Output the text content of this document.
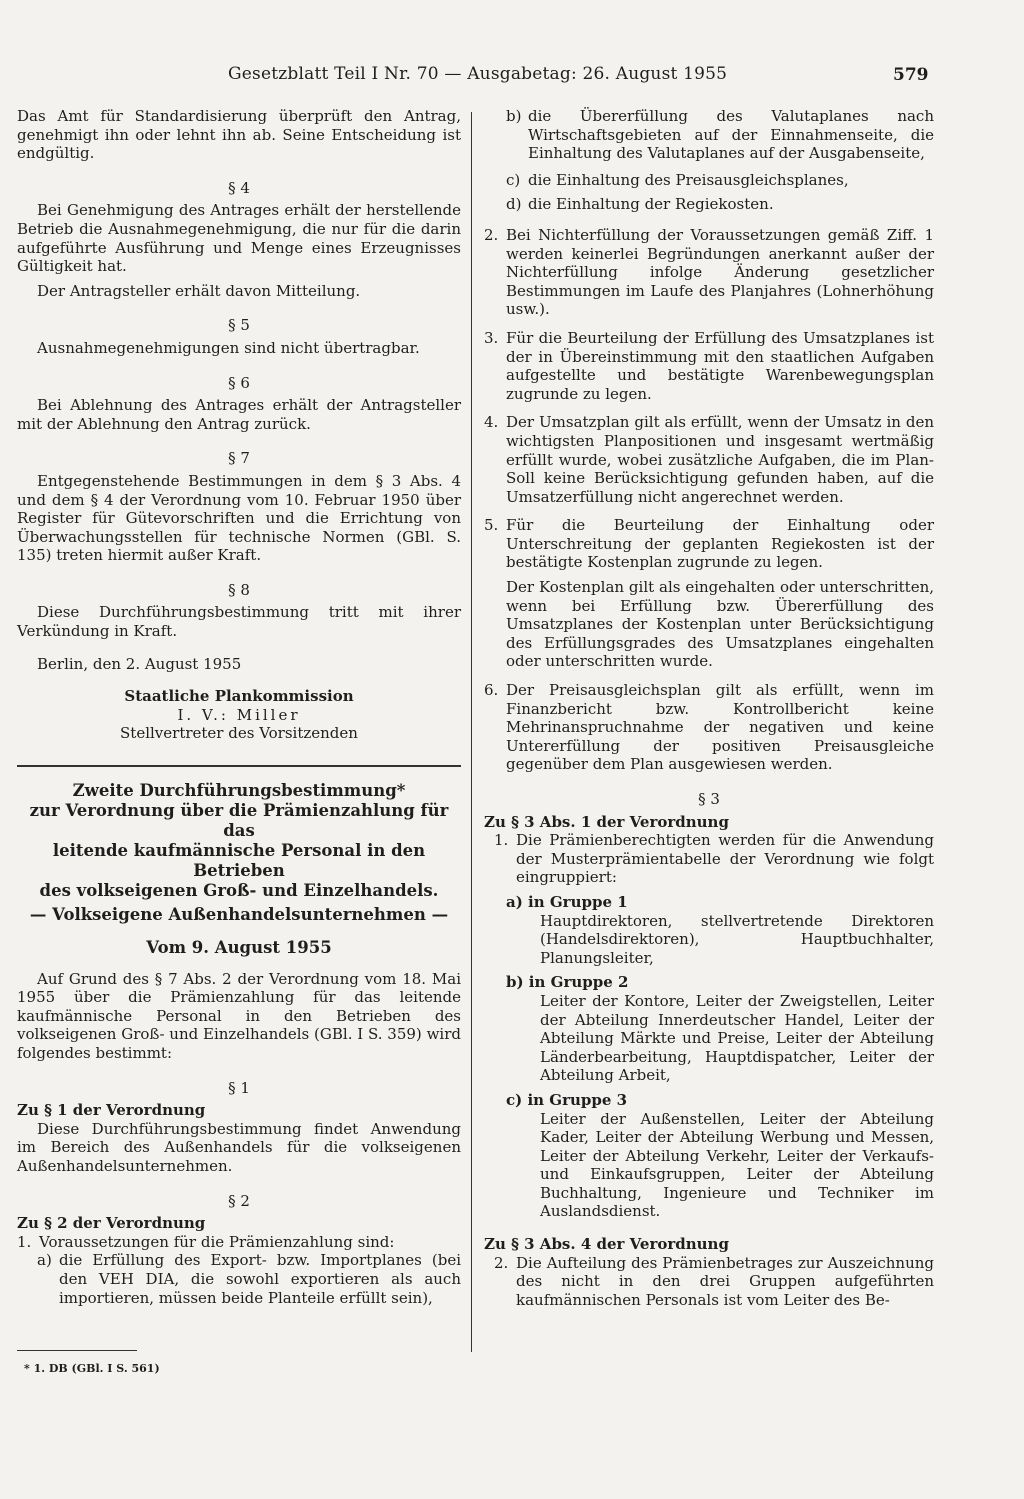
Gesetzblatt Teil I Nr. 70 — Ausgabetag: 26. August 1955	579

Das Amt für Standardisierung überprüft den Antrag, genehmigt ihn oder lehnt ihn ab. Seine Entscheidung ist endgültig.

§ 4

Bei Genehmigung des Antrages erhält der herstellende Betrieb die Ausnahmegenehmigung, die nur für die darin aufgeführte Ausführung und Menge eines Erzeugnisses Gültigkeit hat.

Der Antragsteller erhält davon Mitteilung.

§ 5

Ausnahmegenehmigungen sind nicht übertragbar.

§ 6

Bei Ablehnung des Antrages erhält der Antragsteller mit der Ablehnung den Antrag zurück.

§ 7

Entgegenstehende Bestimmungen in dem § 3 Abs. 4 und dem § 4 der Verordnung vom 10. Februar 1950 über Register für Gütevorschriften und die Errichtung von Überwachungsstellen für technische Normen (GBl. S. 135) treten hiermit außer Kraft.

§ 8

Diese Durchführungsbestimmung tritt mit ihrer Verkündung in Kraft.

Berlin, den 2. August 1955

Staatliche Plankommission
I. V.: Miller
Stellvertreter des Vorsitzenden
Zweite Durchführungsbestimmung*
zur Verordnung über die Prämienzahlung für das
leitende kaufmännische Personal in den Betrieben
des volkseigenen Groß- und Einzelhandels.
— Volkseigene Außenhandelsunternehmen —
Vom 9. August 1955

Auf Grund des § 7 Abs. 2 der Verordnung vom 18. Mai 1955 über die Prämienzahlung für das leitende kaufmännische Personal in den Betrieben des volkseigenen Groß- und Einzelhandels (GBl. I S. 359) wird folgendes bestimmt:

§ 1
Zu § 1 der Verordnung

Diese Durchführungsbestimmung findet Anwendung im Bereich des Außenhandels für die volkseigenen Außenhandelsunternehmen.

§ 2
Zu § 2 der Verordnung
1. Voraussetzungen für die Prämienzahlung sind:
a) die Erfüllung des Export- bzw. Importplanes (bei den VEH DIA, die sowohl exportieren als auch importieren, müssen beide Planteile erfüllt sein),
b) die Übererfüllung des Valutaplanes nach Wirtschaftsgebieten auf der Einnahmenseite, die Einhaltung des Valutaplanes auf der Ausgabenseite,
c) die Einhaltung des Preisausgleichsplanes,
d) die Einhaltung der Regiekosten.
2. Bei Nichterfüllung der Voraussetzungen gemäß Ziff. 1 werden keinerlei Begründungen anerkannt außer der Nichterfüllung infolge Änderung gesetzlicher Bestimmungen im Laufe des Planjahres (Lohnerhöhung usw.).
3. Für die Beurteilung der Erfüllung des Umsatzplanes ist der in Übereinstimmung mit den staatlichen Aufgaben aufgestellte und bestätigte Warenbewegungsplan zugrunde zu legen.
4. Der Umsatzplan gilt als erfüllt, wenn der Umsatz in den wichtigsten Planpositionen und insgesamt wertmäßig erfüllt wurde, wobei zusätzliche Aufgaben, die im Plan-Soll keine Berücksichtigung gefunden haben, auf die Umsatzerfüllung nicht angerechnet werden.
5. Für die Beurteilung der Einhaltung oder Unterschreitung der geplanten Regiekosten ist der bestätigte Kostenplan zugrunde zu legen.
Der Kostenplan gilt als eingehalten oder unterschritten, wenn bei Erfüllung bzw. Übererfüllung des Umsatzplanes der Kostenplan unter Berücksichtigung des Erfüllungsgrades des Umsatzplanes eingehalten oder unterschritten wurde.
6. Der Preisausgleichsplan gilt als erfüllt, wenn im Finanzbericht bzw. Kontrollbericht keine Mehrinanspruchnahme der negativen und keine Untererfüllung der positiven Preisausgleiche gegenüber dem Plan ausgewiesen werden.
§ 3
Zu § 3 Abs. 1 der Verordnung
1. Die Prämienberechtigten werden für die Anwendung der Musterprämientabelle der Verordnung wie folgt eingruppiert:
a) in Gruppe 1
Hauptdirektoren, stellvertretende Direktoren (Handelsdirektoren), Hauptbuchhalter, Planungsleiter,
b) in Gruppe 2
Leiter der Kontore, Leiter der Zweigstellen, Leiter der Abteilung Innerdeutscher Handel, Leiter der Abteilung Märkte und Preise, Leiter der Abteilung Länderbearbeitung, Hauptdispatcher, Leiter der Abteilung Arbeit,
c) in Gruppe 3
Leiter der Außenstellen, Leiter der Abteilung Kader, Leiter der Abteilung Werbung und Messen, Leiter der Abteilung Verkehr, Leiter der Verkaufs- und Einkaufsgruppen, Leiter der Abteilung Buchhaltung, Ingenieure und Techniker im Auslandsdienst.
Zu § 3 Abs. 4 der Verordnung
2. Die Aufteilung des Prämienbetrages zur Auszeichnung des nicht in den drei Gruppen aufgeführten kaufmännischen Personals ist vom Leiter des Be-
* 1. DB (GBl. I S. 561)
